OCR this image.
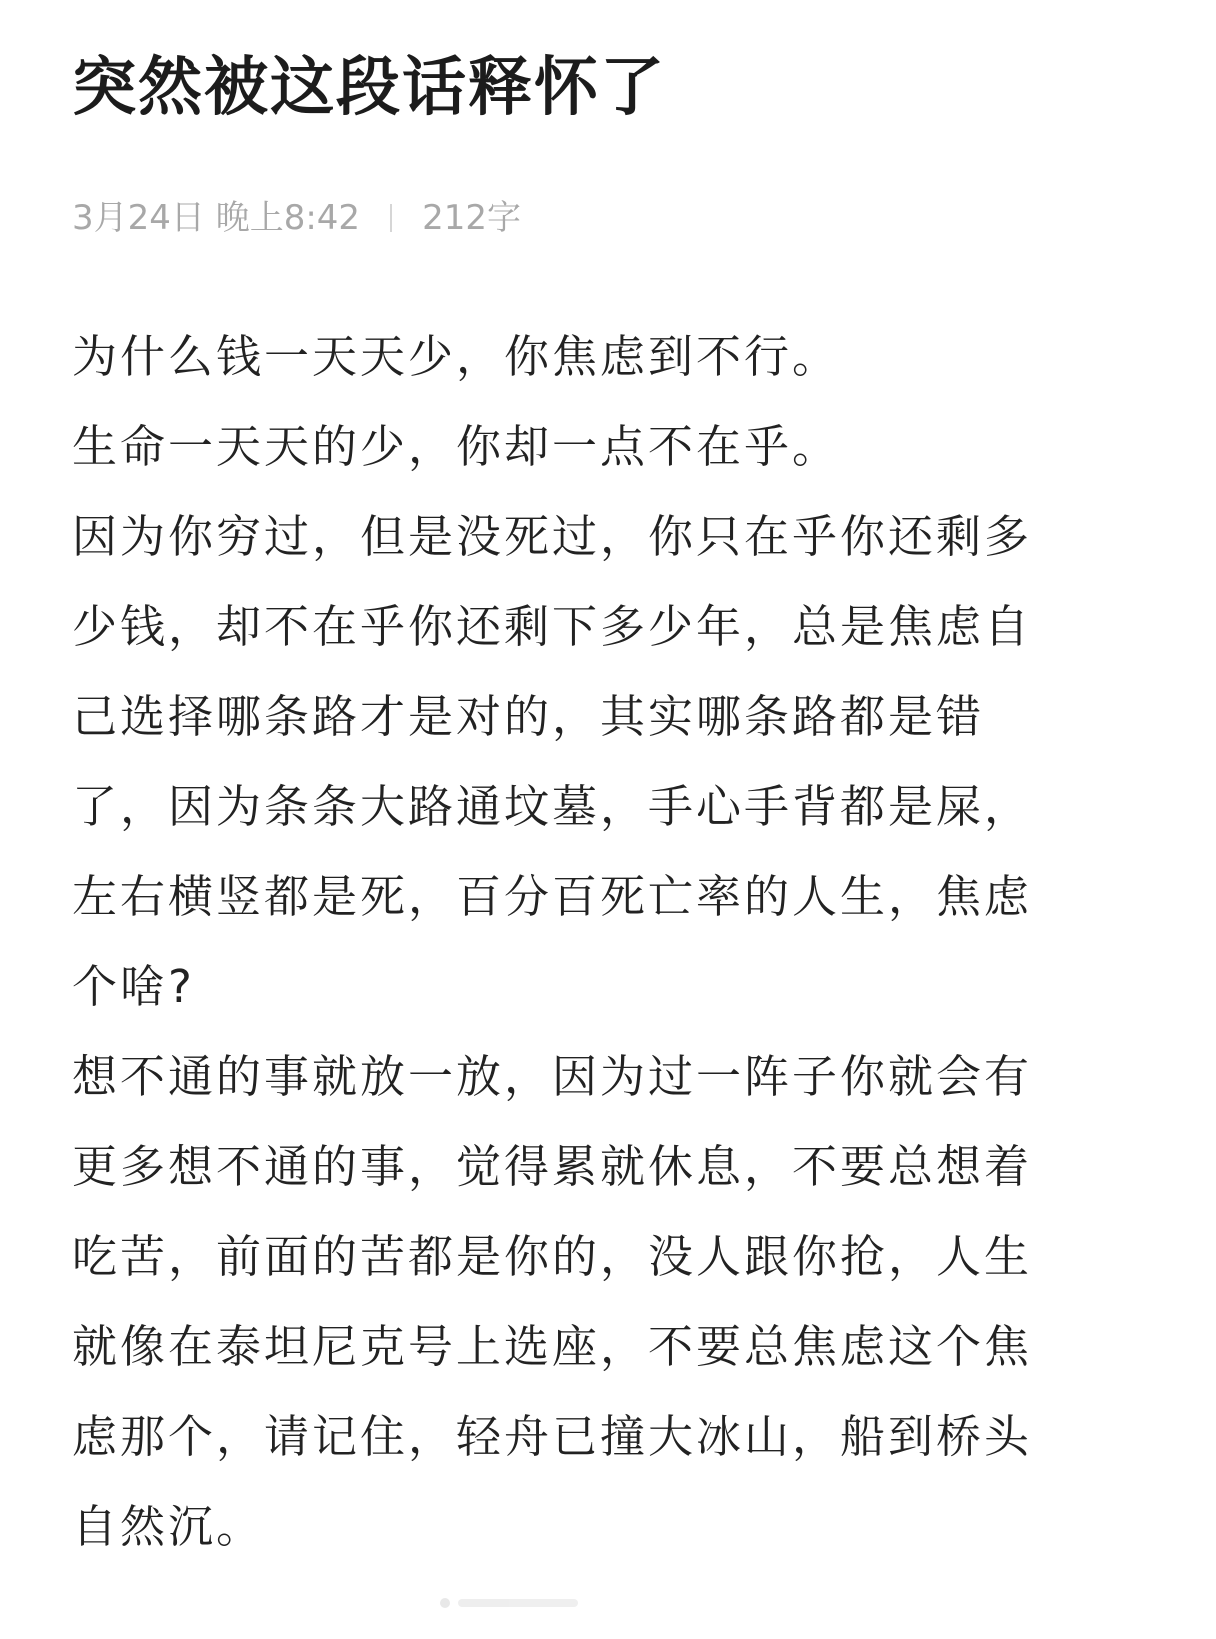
突然被这段话释怀了
3月24日 晚上8:42 212字

为什么钱一天天少，你焦虑到不行。

生命一天天的少，你却一点不在乎。

因为你穷过，但是没死过，你只在乎你还剩多少钱，却不在乎你还剩下多少年，总是焦虑自己选择哪条路才是对的，其实哪条路都是错了，因为条条大路通坟墓，手心手背都是屎，左右横竖都是死，百分百死亡率的人生，焦虑个啥?

想不通的事就放一放，因为过一阵子你就会有更多想不通的事，觉得累就休息，不要总想着吃苦，前面的苦都是你的，没人跟你抢，人生就像在泰坦尼克号上选座，不要总焦虑这个焦虑那个，请记住，轻舟已撞大冰山，船到桥头自然沉。
